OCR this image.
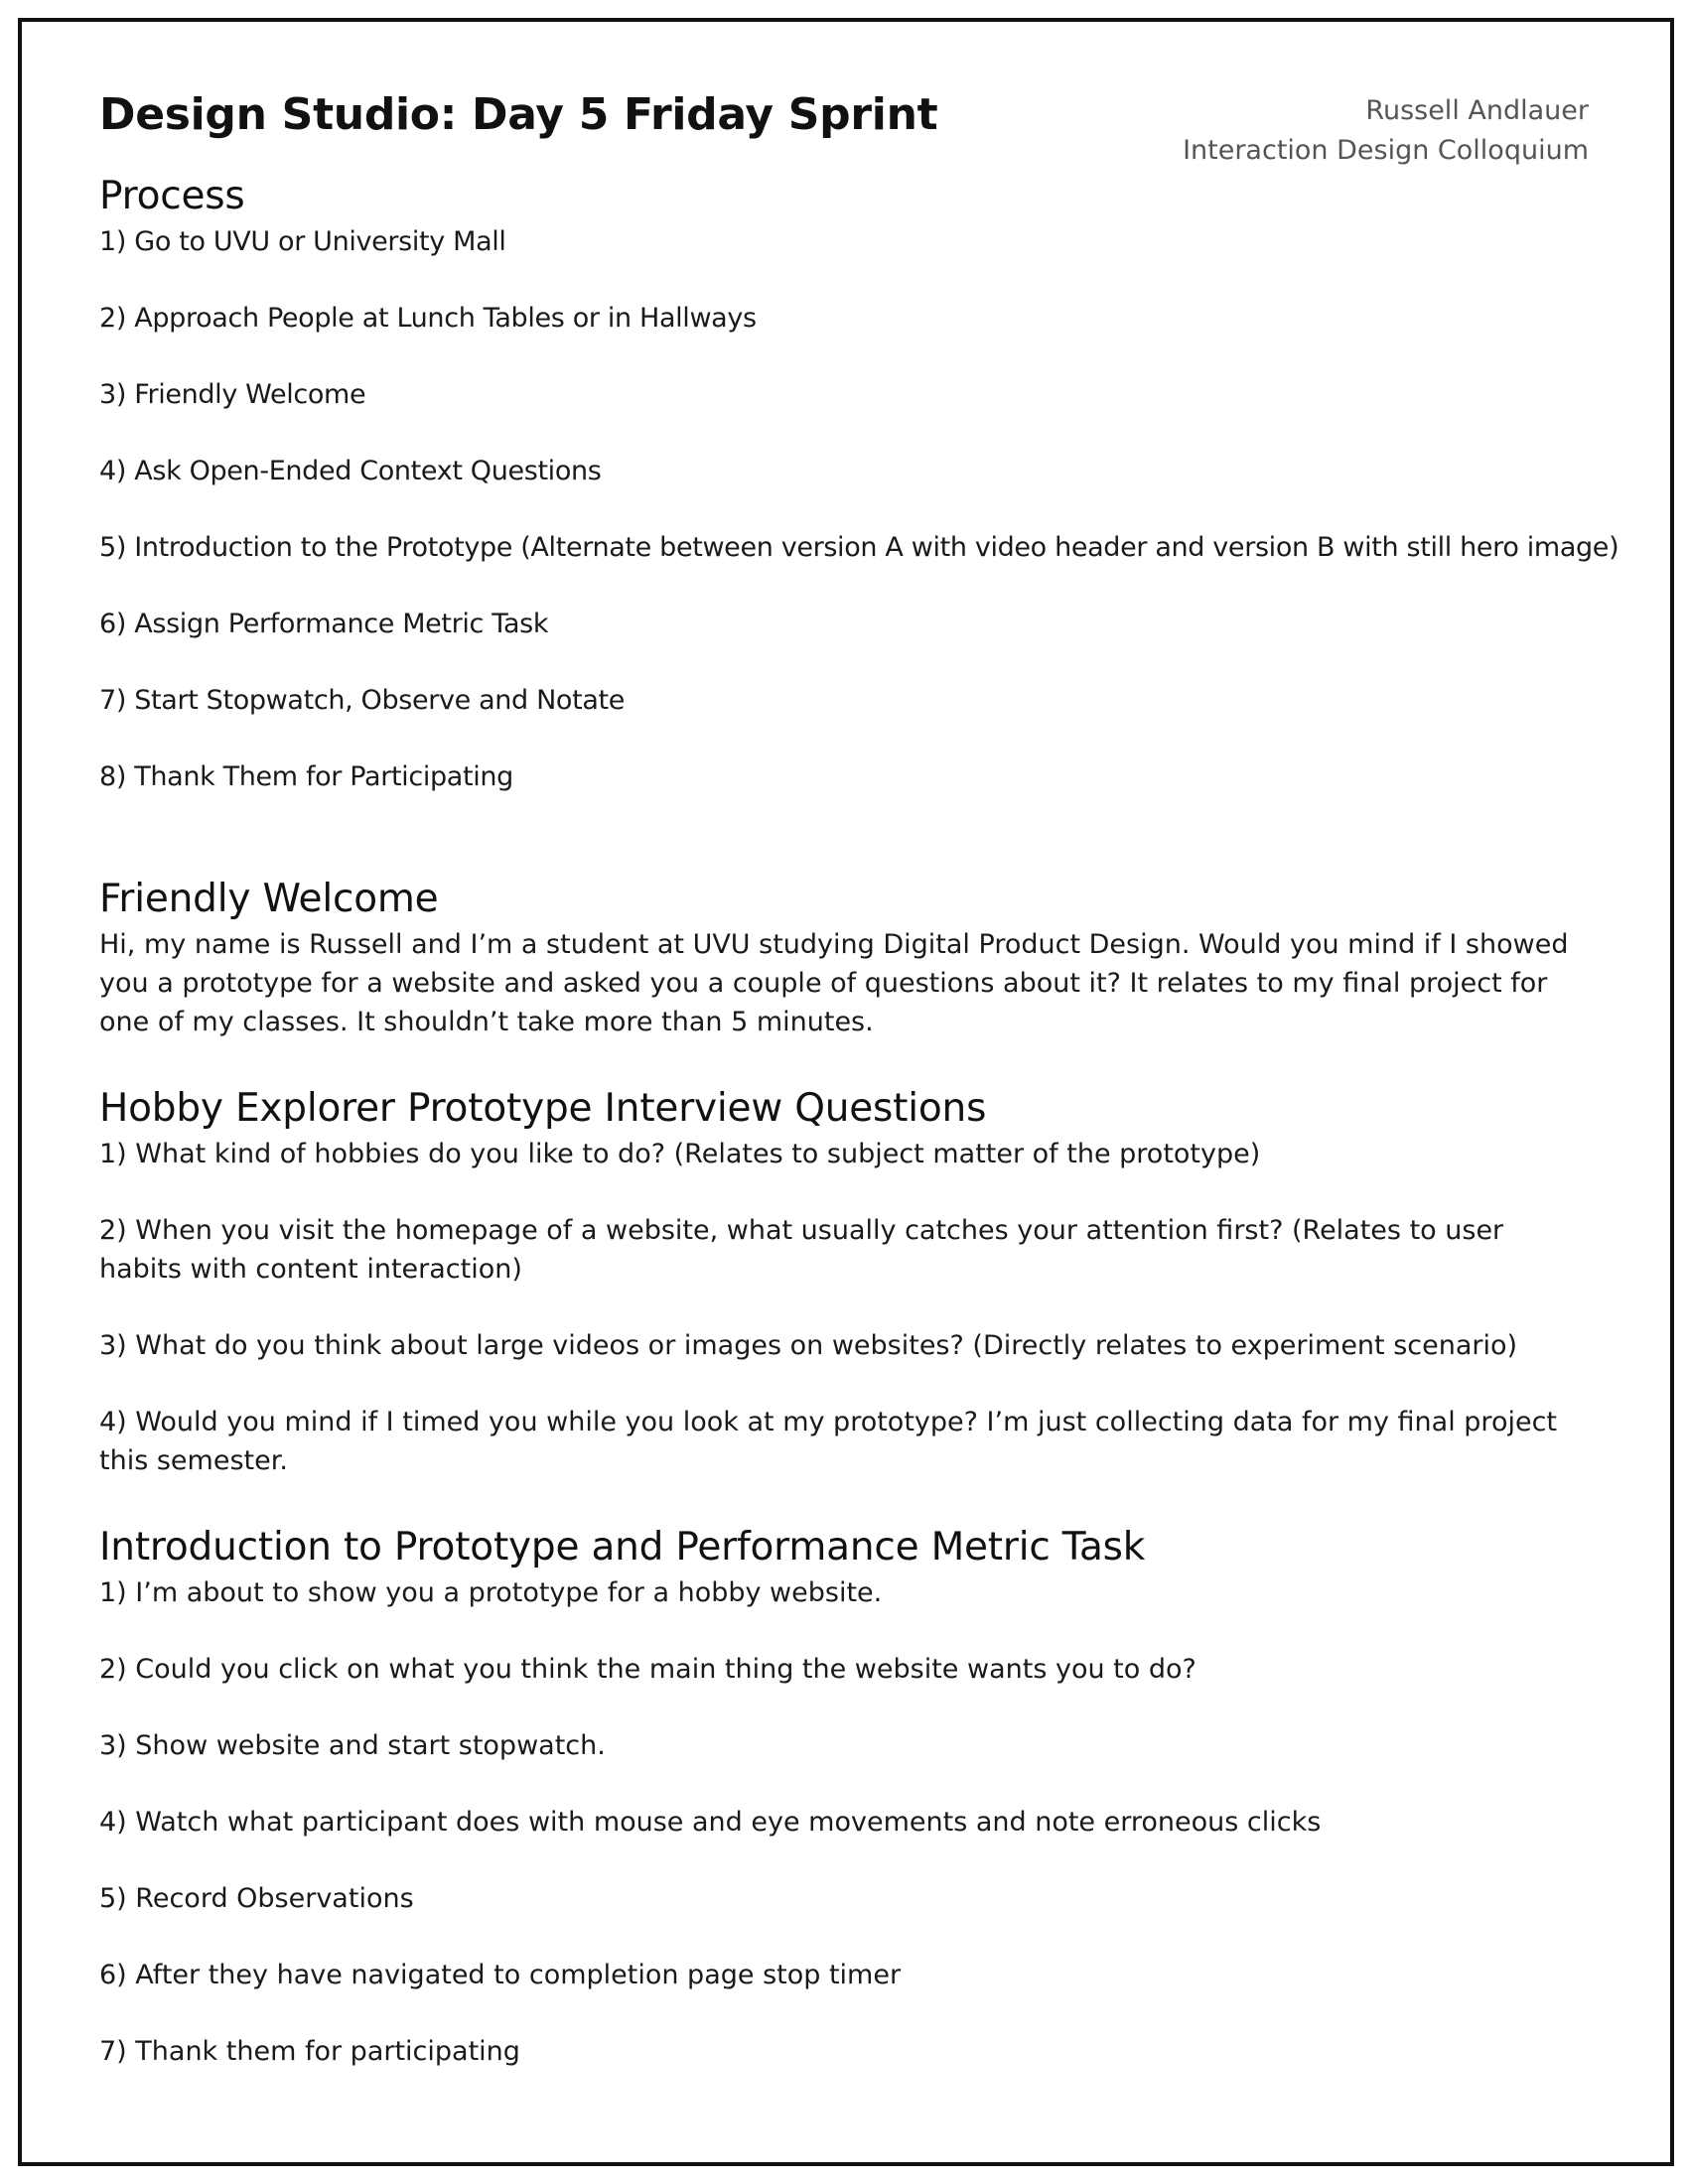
Design Studio: Day 5 Friday Sprint	Russell Andlauer
Interaction Design Colloquium
Process
1) Go to UVU or University Mall
2) Approach People at Lunch Tables or in Hallways
3) Friendly Welcome
4) Ask Open-Ended Context Questions
5) Introduction to the Prototype (Alternate between version A with video header and version B with still hero image)
6) Assign Performance Metric Task
7) Start Stopwatch, Observe and Notate
8) Thank Them for Participating
Friendly Welcome

Hi, my name is Russell and I’m a student at UVU studying Digital Product Design. Would you mind if I showed you a prototype for a website and asked you a couple of questions about it? It relates to my final project for one of my classes. It shouldn’t take more than 5 minutes.

Hobby Explorer Prototype Interview Questions
1) What kind of hobbies do you like to do? (Relates to subject matter of the prototype)
2) When you visit the homepage of a website, what usually catches your attention first? (Relates to user habits with content interaction)
3) What do you think about large videos or images on websites? (Directly relates to experiment scenario)
4) Would you mind if I timed you while you look at my prototype? I’m just collecting data for my final project this semester.
Introduction to Prototype and Performance Metric Task
1) I’m about to show you a prototype for a hobby website.
2) Could you click on what you think the main thing the website wants you to do?
3) Show website and start stopwatch.
4) Watch what participant does with mouse and eye movements and note erroneous clicks
5) Record Observations
6) After they have navigated to completion page stop timer
7) Thank them for participating
